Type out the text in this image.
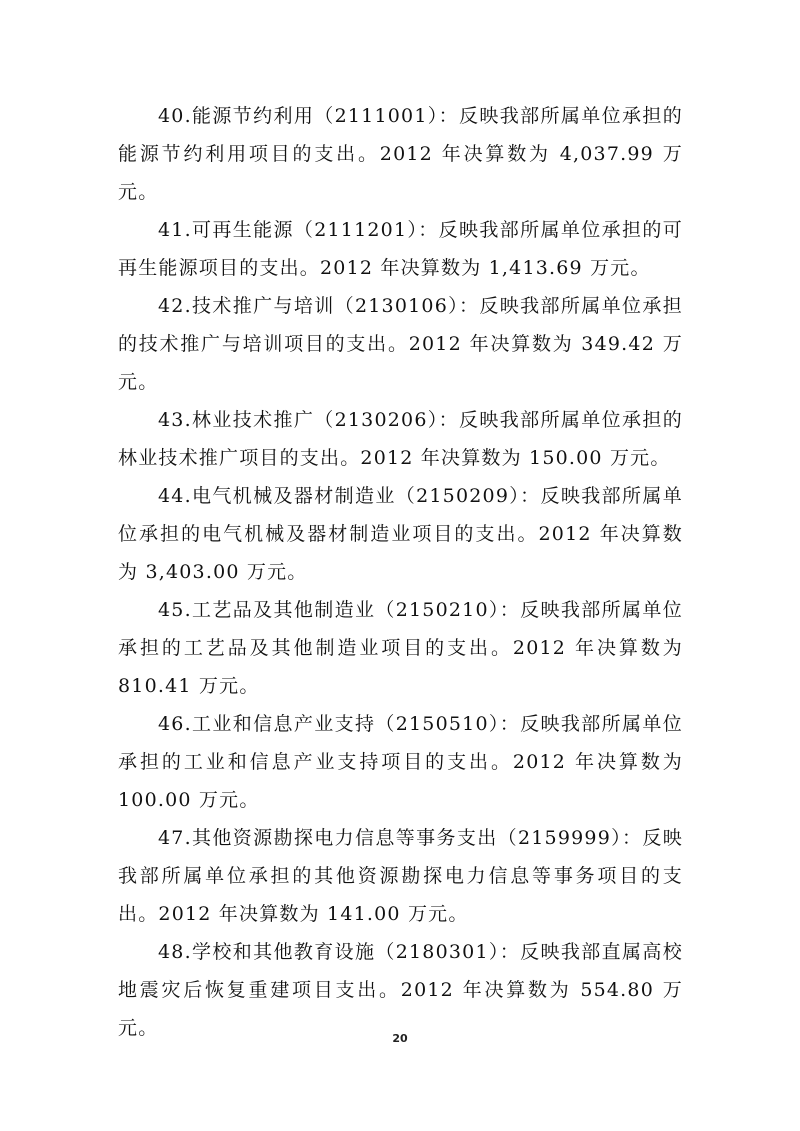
40.能源节约利用（2111001）：反映我部所属单位承担的能源节约利用项目的支出。2012 年决算数为 4,037.99 万元。

41.可再生能源（2111201）：反映我部所属单位承担的可再生能源项目的支出。2012 年决算数为 1,413.69 万元。

42.技术推广与培训（2130106）：反映我部所属单位承担的技术推广与培训项目的支出。2012 年决算数为 349.42 万元。

43.林业技术推广（2130206）：反映我部所属单位承担的林业技术推广项目的支出。2012 年决算数为 150.00 万元。

44.电气机械及器材制造业（2150209）：反映我部所属单位承担的电气机械及器材制造业项目的支出。2012 年决算数为 3,403.00 万元。

45.工艺品及其他制造业（2150210）：反映我部所属单位承担的工艺品及其他制造业项目的支出。2012 年决算数为 810.41 万元。

46.工业和信息产业支持（2150510）：反映我部所属单位承担的工业和信息产业支持项目的支出。2012 年决算数为 100.00 万元。

47.其他资源勘探电力信息等事务支出（2159999）：反映我部所属单位承担的其他资源勘探电力信息等事务项目的支出。2012 年决算数为 141.00 万元。

48.学校和其他教育设施（2180301）：反映我部直属高校地震灾后恢复重建项目支出。2012 年决算数为 554.80 万元。	20
